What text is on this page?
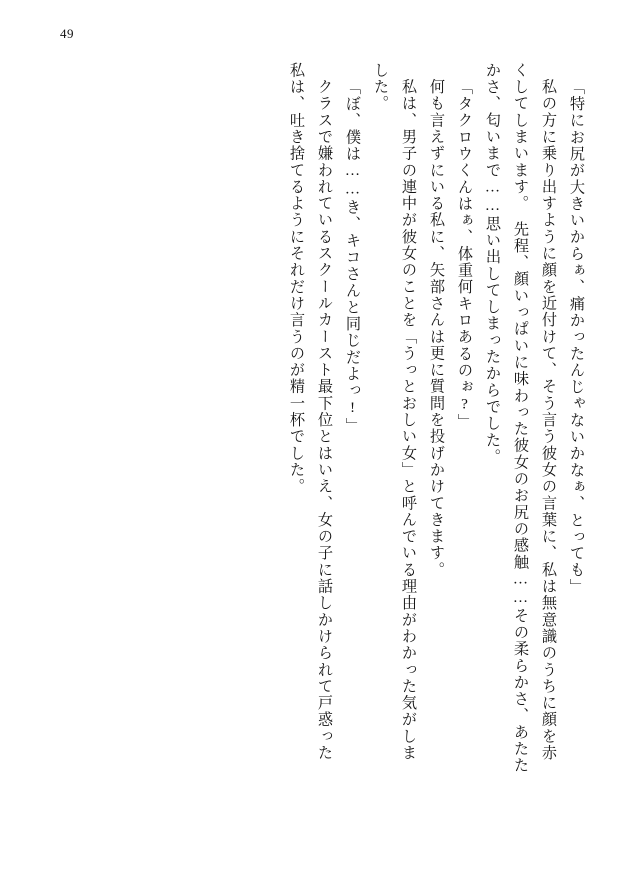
49
「特にお尻が大きいからぁ、痛かったんじゃないかなぁ、とっても」
　私の方に乗り出すように顔を近付けて、そう言う彼女の言葉に、私は無意識のうちに顔を赤
くしてしまいます。　先程、顔いっぱいに味わった彼女のお尻の感触……その柔らかさ、あたた
かさ、匂いまで……思い出してしまったからでした。
「タクロウくんはぁ、体重何キロあるのぉ?」
　何も言えずにいる私に、矢部さんは更に質問を投げかけてきます。
　私は、男子の連中が彼女のことを「うっとおしい女」と呼んでいる理由がわかった気がしま
した。
「ぼ、僕は……き、キコさんと同じだよっ!」
　クラスで嫌われているスクールカースト最下位とはいえ、女の子に話しかけられて戸惑った
私は、吐き捨てるようにそれだけ言うのが精一杯でした。
